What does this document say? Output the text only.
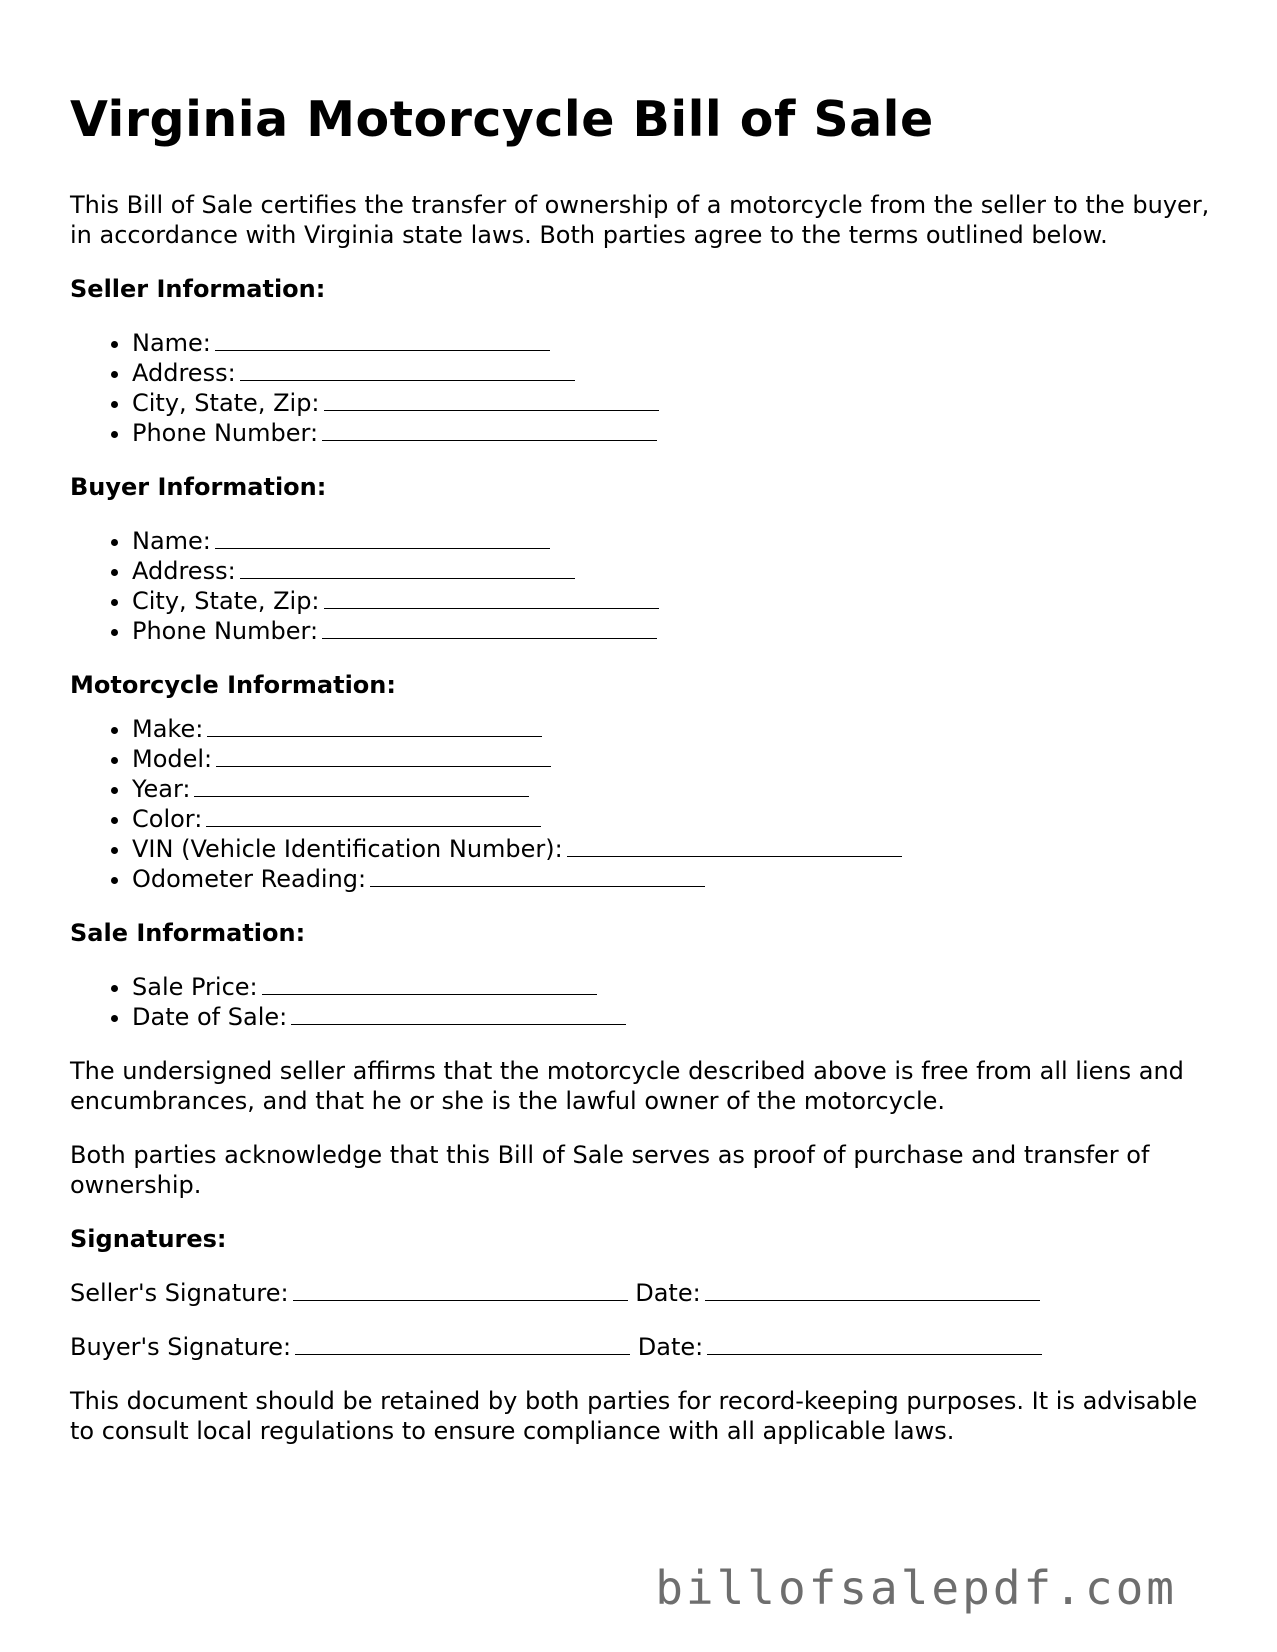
Virginia Motorcycle Bill of Sale

This Bill of Sale certifies the transfer of ownership of a motorcycle from the seller to the buyer, in accordance with Virginia state laws. Both parties agree to the terms outlined below.

Seller Information:
• Name:
• Address:
• City, State, Zip:
• Phone Number:
Buyer Information:
• Name:
• Address:
• City, State, Zip:
• Phone Number:
Motorcycle Information:
• Make:
• Model:
• Year:
• Color:
• VIN (Vehicle Identification Number):
• Odometer Reading:
Sale Information:
• Sale Price:
• Date of Sale:

The undersigned seller affirms that the motorcycle described above is free from all liens and encumbrances, and that he or she is the lawful owner of the motorcycle.

Both parties acknowledge that this Bill of Sale serves as proof of purchase and transfer of ownership.

Signatures:

Seller's Signature:	Date:

Buyer's Signature:	Date:

This document should be retained by both parties for record-keeping purposes. It is advisable to consult local regulations to ensure compliance with all applicable laws.

billofsalepdf.com
